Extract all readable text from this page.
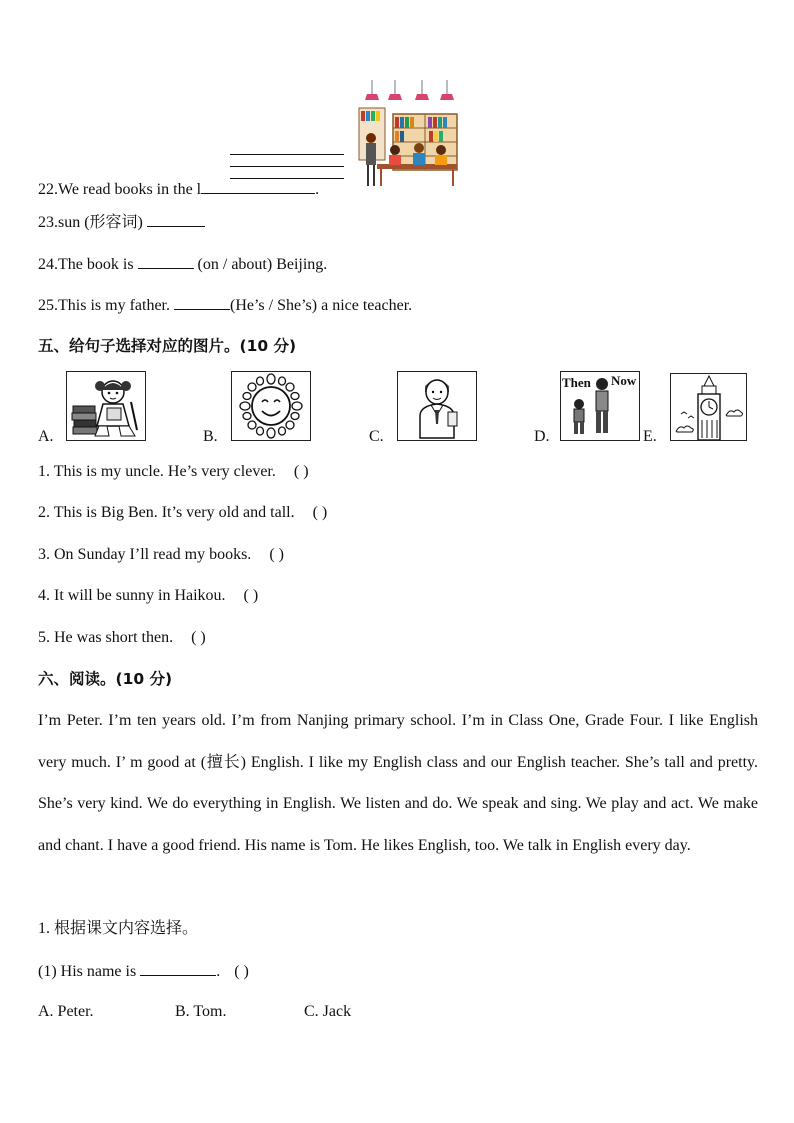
22.We read books in the l	.
23.sun (形容词)
24.The book is	(on / about) Beijing.
25.This is my father.	(He’s / She’s) a nice teacher.
五、给句子选择对应的图片。(10 分)
A.	B.	C.
Then Now
D.	E.
1. This is my uncle. He’s very clever. ( )
2. This is Big Ben. It’s very old and tall. ( )
3. On Sunday I’ll read my books. ( )
4. It will be sunny in Haikou. ( )
5. He was short then. ( )
六、阅读。(10 分)
I’m Peter. I’m ten years old. I’m from Nanjing primary school. I’m in Class One, Grade Four. I like English very much. I’ m good at (擅长) English. I like my English class and our English teacher. She’s tall and pretty. She’s very kind. We do everything in English. We listen and do. We speak and sing. We play and act. We make and chant. I have a good friend. His name is Tom. He likes English, too. We talk in English every day.
1. 根据课文内容选择。
(1) His name is	. ( )
A. Peter.	B. Tom.	C. Jack
